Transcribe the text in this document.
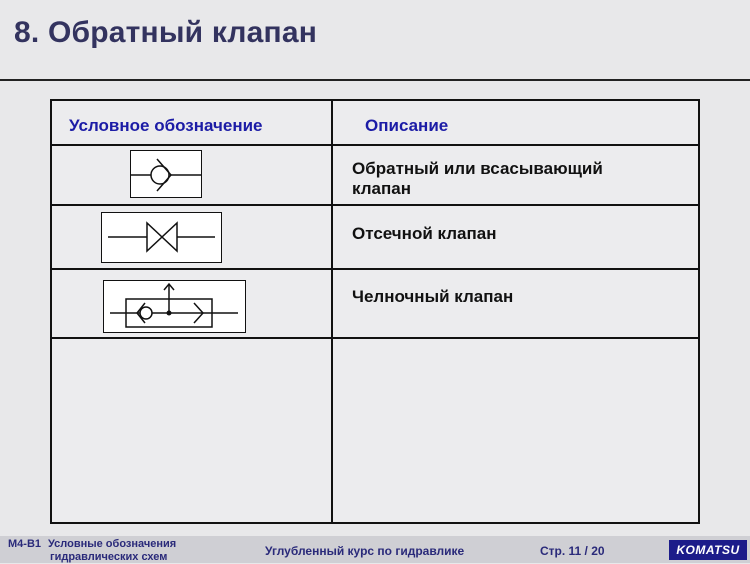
8. Обратный клапан
Условное обозначение	Описание
Обратный или всасывающий
клапан
Отсечной клапан
Челночный клапан
M4-B1 Условные обозначения
гидравлических схем	Углубленный курс по гидравлике	Стр. 11 / 20	KOMATSU
